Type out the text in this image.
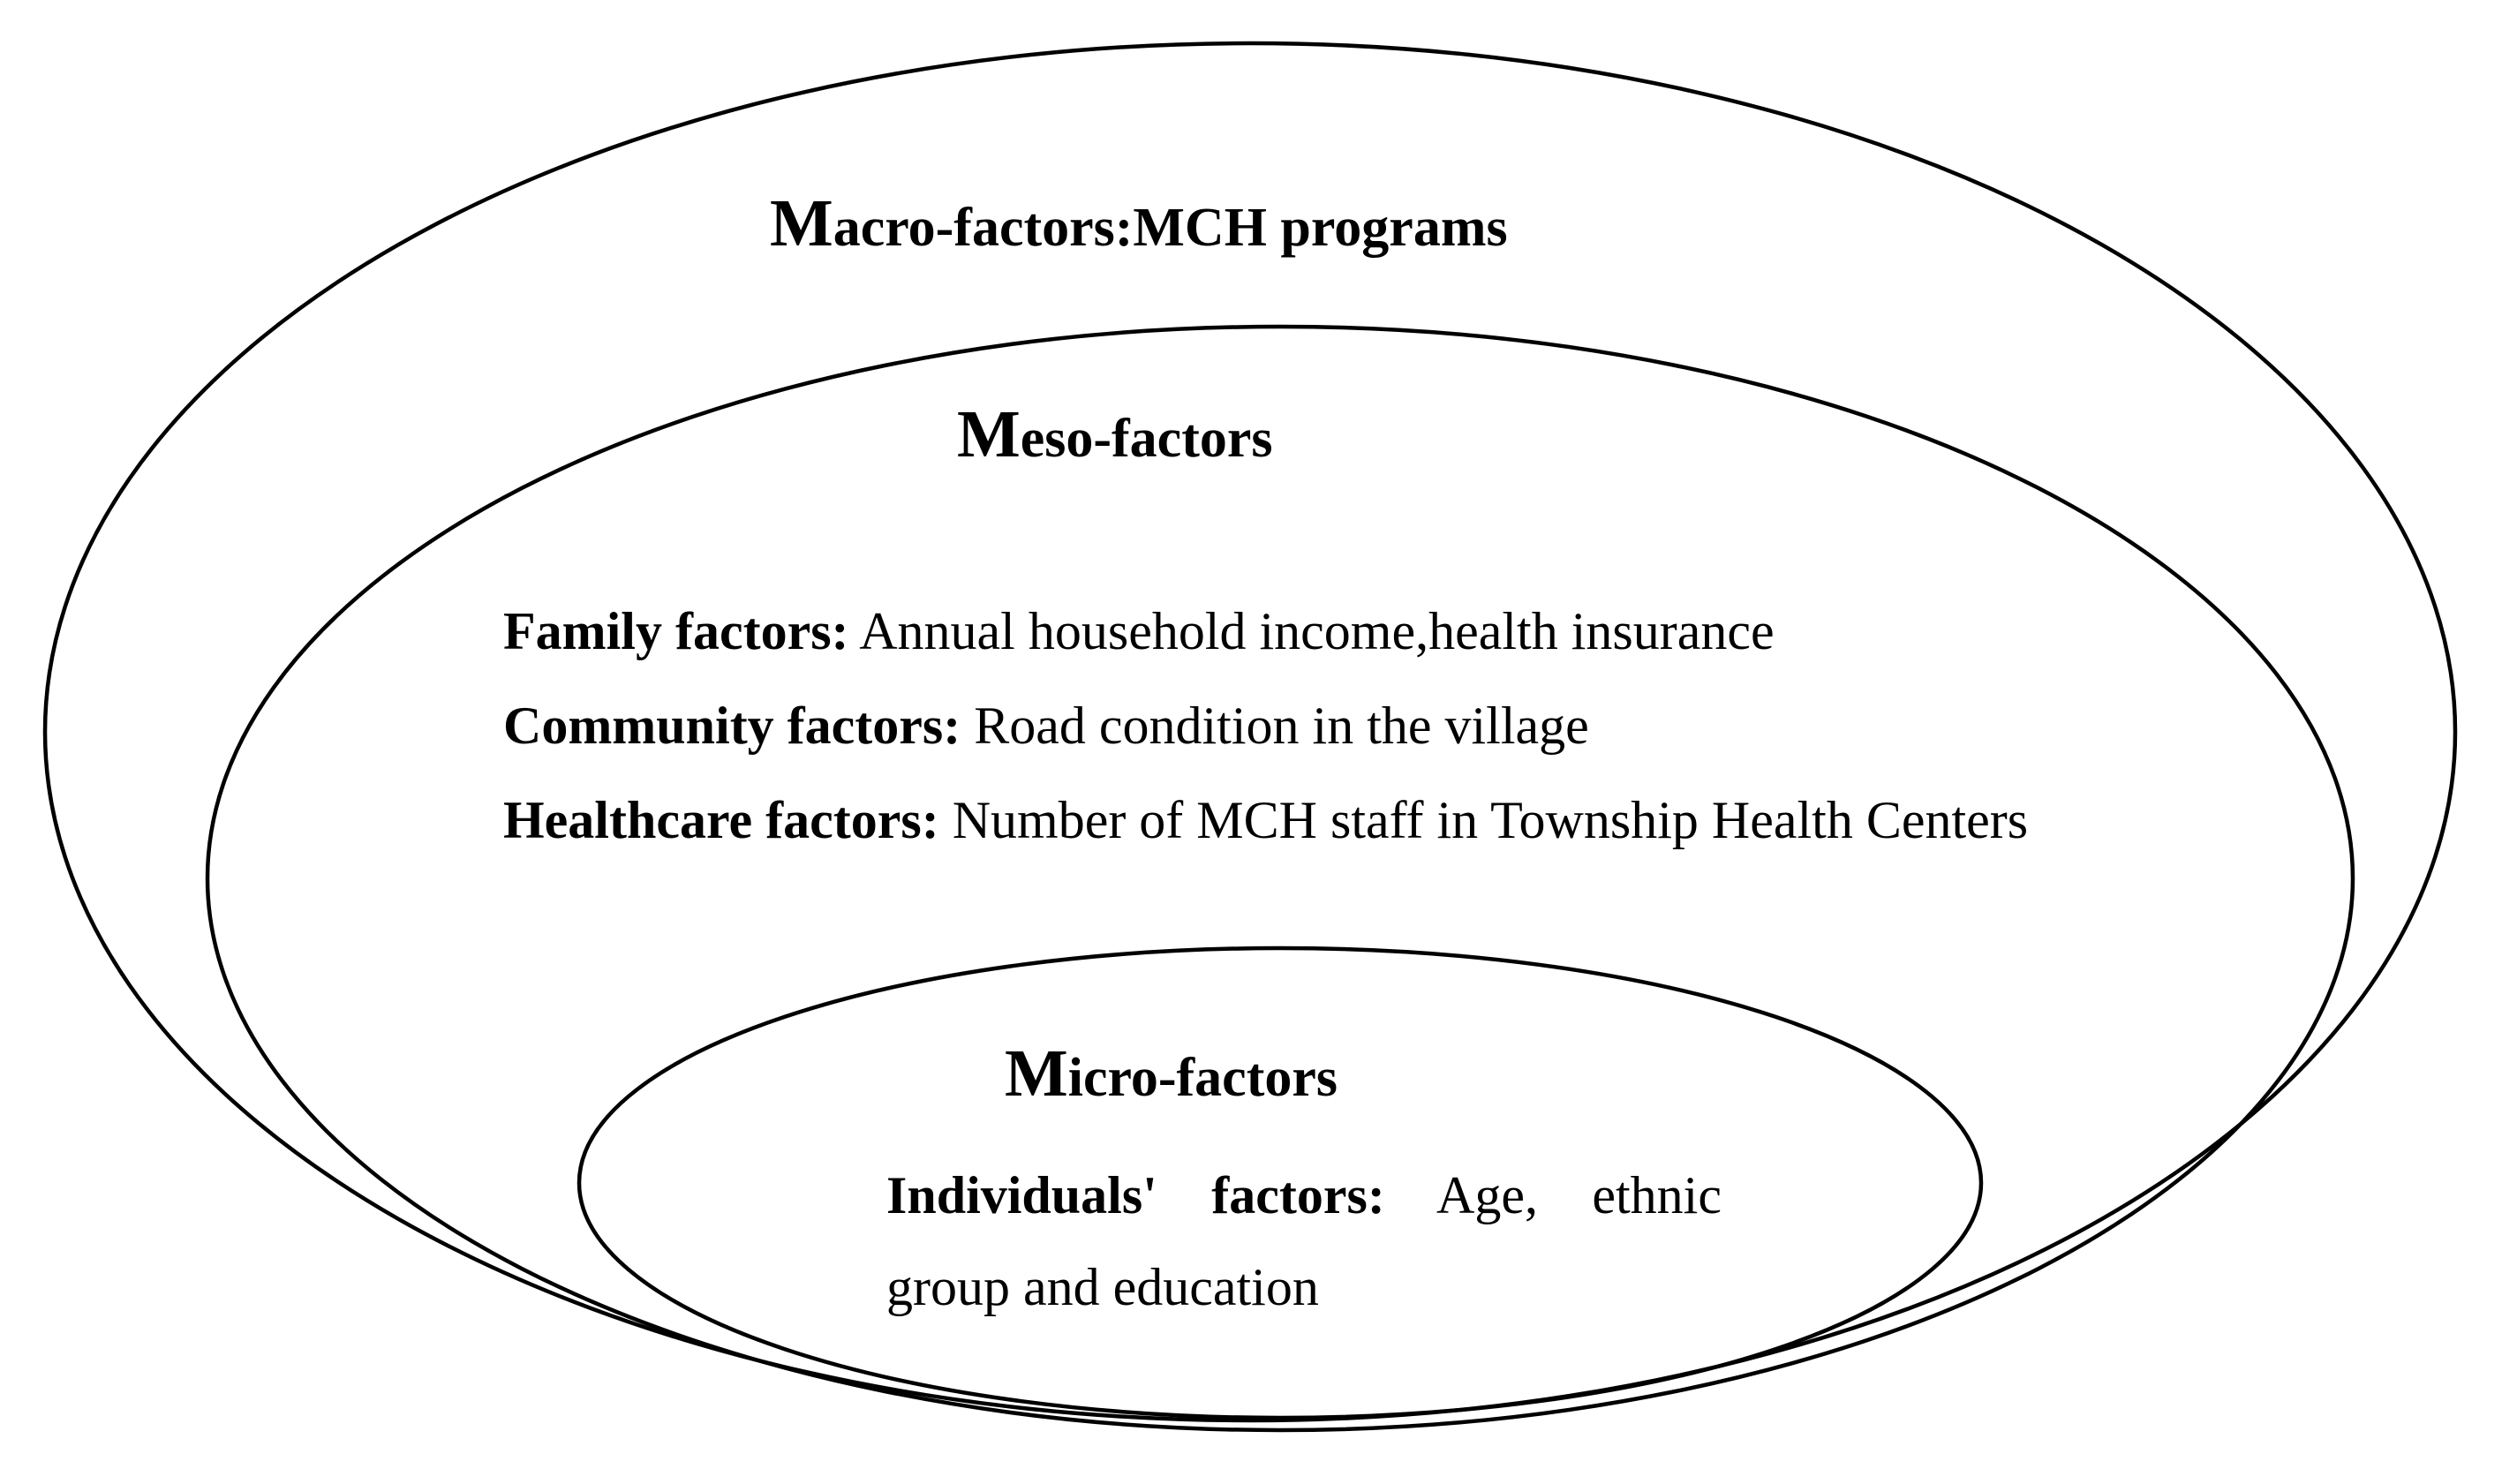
Macro-factors:MCH programs
Meso-factors
Family factors: Annual household income,health insurance
Community factors: Road condition in the village
Healthcare factors: Number of MCH staff in Township Health Centers
Micro-factors
Individuals' factors: Age, ethnic group and education
